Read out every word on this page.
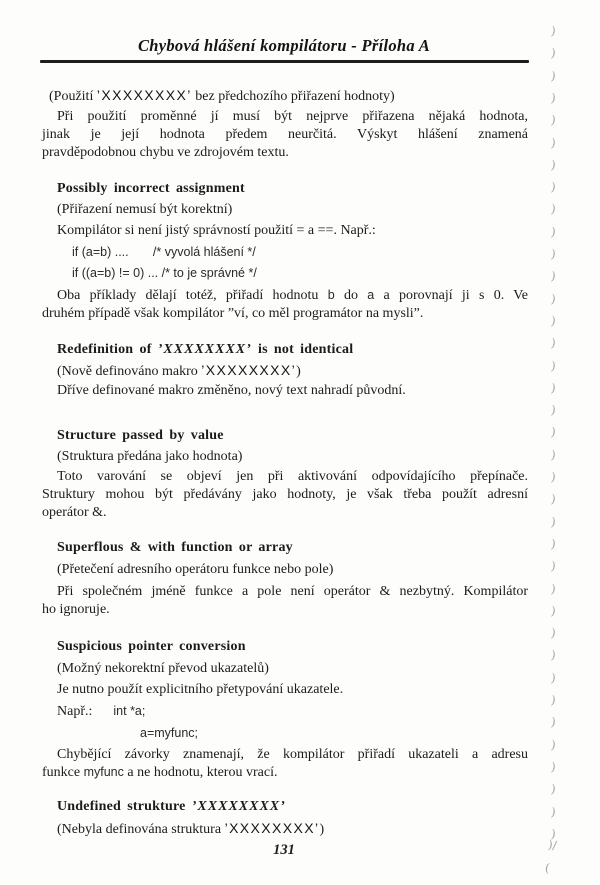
Chybová hlášení kompilátoru - Příloha A
(Použití ’XXXXXXXX’ bez předchozího přiřazení hodnoty)
Při použití proměnné jí musí být nejprve přiřazena nějaká hodnota,
jinak je její hodnota předem neurčitá. Výskyt hlášení znamená
pravděpodobnou chybu ve zdrojovém textu.
Possibly incorrect assignment
(Přiřazení nemusí být korektní)
Kompilátor si není jistý správností použití = a ==. Např.:
if (a=b) ....       /* vyvolá hlášení */
if ((a=b) != 0) ... /* to je správné */
Oba příklady dělají totéž, přiřadí hodnotu b do a a porovnají ji s 0. Ve
druhém případě však kompilátor ”ví, co měl programátor na mysli”.
Redefinition of ’XXXXXXXX’ is not identical
(Nově definováno makro ’XXXXXXXX’)
Dříve definované makro změněno, nový text nahradí původní.
Structure passed by value
(Struktura předána jako hodnota)
Toto varování se objeví jen při aktivování odpovídajícího přepínače.
Struktury mohou být předávány jako hodnoty, je však třeba použít adresní
operátor &.
Superflous & with function or array
(Přetečení adresního operátoru funkce nebo pole)
Při společném jméně funkce a pole není operátor & nezbytný. Kompilátor
ho ignoruje.
Suspicious pointer conversion
(Možný nekorektní převod ukazatelů)
Je nutno použít explicitního přetypování ukazatele.
Např.:      int *a;
a=myfunc;
Chybějící závorky znamenají, že kompilátor přiřadí ukazateli a adresu
funkce myfunc a ne hodnotu, kterou vrací.
Undefined strukture ’XXXXXXXX’
(Nebyla definována struktura ’XXXXXXXX’)
131
)
)
)
)
)
)
)
)
)
)
)
)
)
)
)
)
)
)
)
)
)
)
)
)
)
)
)
)
)
)
)
)
)
)
)
)
)
)/
(
